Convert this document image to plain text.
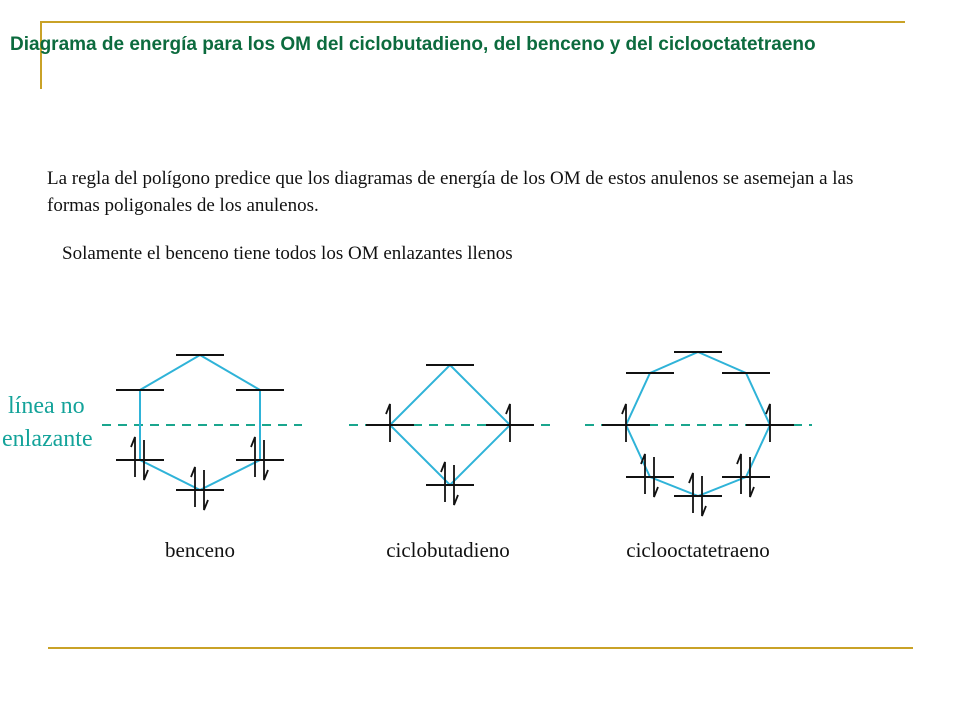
Diagrama de energía para los OM del ciclobutadieno, del benceno y del ciclooctatetraeno

La regla del polígono predice que los diagramas de energía de los OM de estos anulenos se asemejan a las formas poligonales de los anulenos.

Solamente el benceno tiene todos los OM enlazantes llenos

línea no
enlazante
benceno	ciclobutadieno	ciclooctatetraeno
